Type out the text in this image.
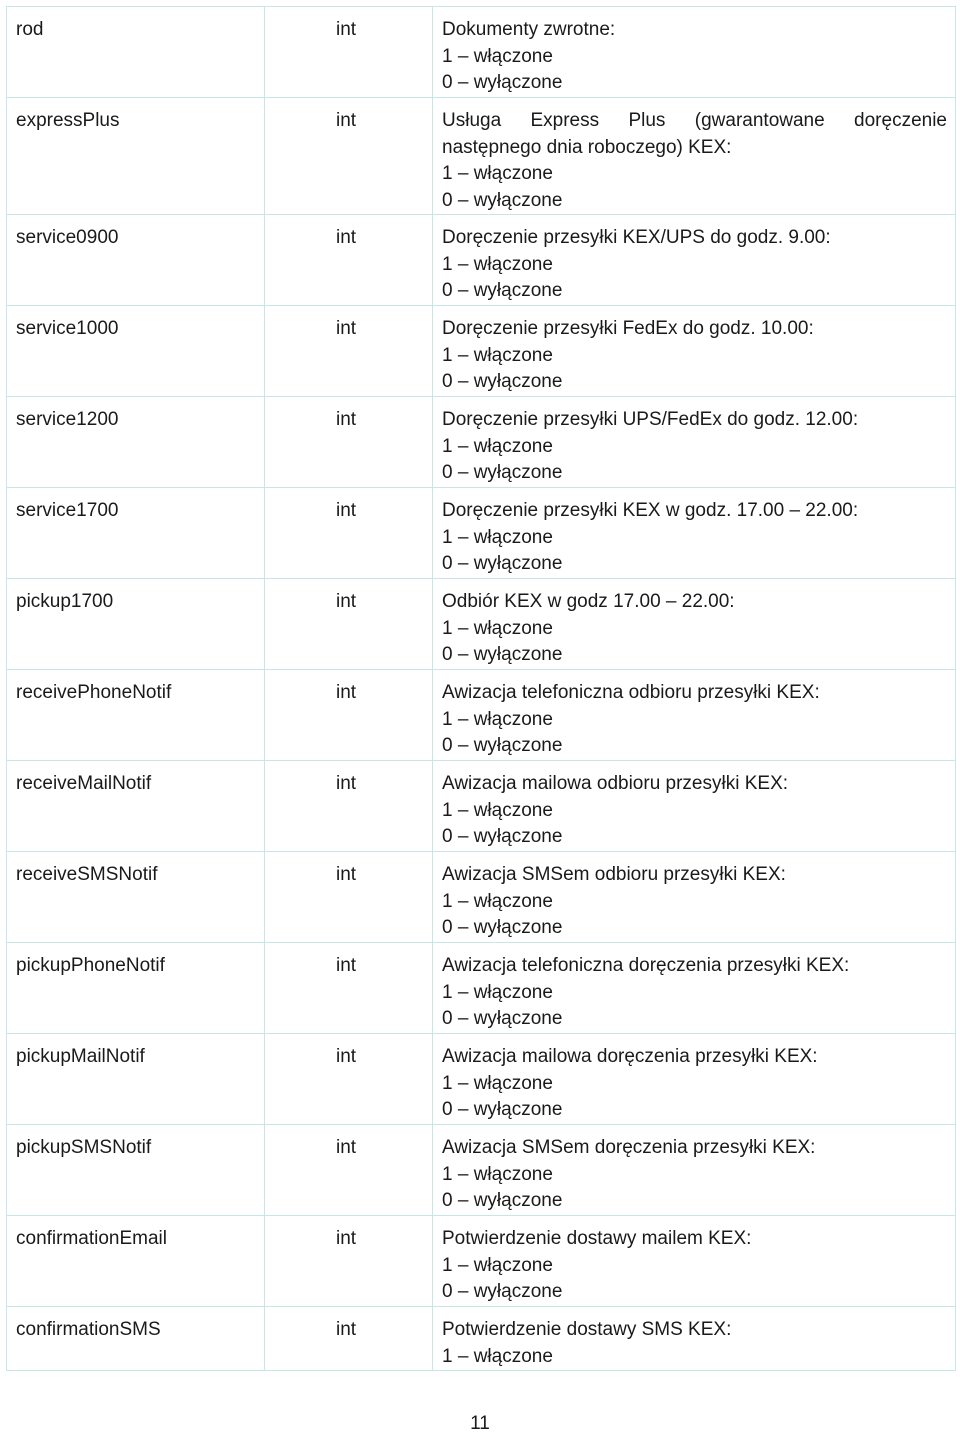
rod	int	Dokumenty zwrotne:
1 – włączone
0 – wyłączone

expressPlus	int	Usługa Express Plus (gwarantowane doręczenie następnego dnia roboczego) KEX:
1 – włączone
0 – wyłączone

service0900	int	Doręczenie przesyłki KEX/UPS do godz. 9.00:
1 – włączone
0 – wyłączone

service1000	int	Doręczenie przesyłki FedEx do godz. 10.00:
1 – włączone
0 – wyłączone

service1200	int	Doręczenie przesyłki UPS/FedEx do godz. 12.00:
1 – włączone
0 – wyłączone

service1700	int	Doręczenie przesyłki KEX w godz. 17.00 – 22.00:
1 – włączone
0 – wyłączone

pickup1700	int	Odbiór KEX w godz 17.00 – 22.00:
1 – włączone
0 – wyłączone

receivePhoneNotif	int	Awizacja telefoniczna odbioru przesyłki KEX:
1 – włączone
0 – wyłączone

receiveMailNotif	int	Awizacja mailowa odbioru przesyłki KEX:
1 – włączone
0 – wyłączone

receiveSMSNotif	int	Awizacja SMSem odbioru przesyłki KEX:
1 – włączone
0 – wyłączone

pickupPhoneNotif	int	Awizacja telefoniczna doręczenia przesyłki KEX:
1 – włączone
0 – wyłączone

pickupMailNotif	int	Awizacja mailowa doręczenia przesyłki KEX:
1 – włączone
0 – wyłączone

pickupSMSNotif	int	Awizacja SMSem doręczenia przesyłki KEX:
1 – włączone
0 – wyłączone

confirmationEmail	int	Potwierdzenie dostawy mailem KEX:
1 – włączone
0 – wyłączone

confirmationSMS	int	Potwierdzenie dostawy SMS KEX:
1 – włączone
11
